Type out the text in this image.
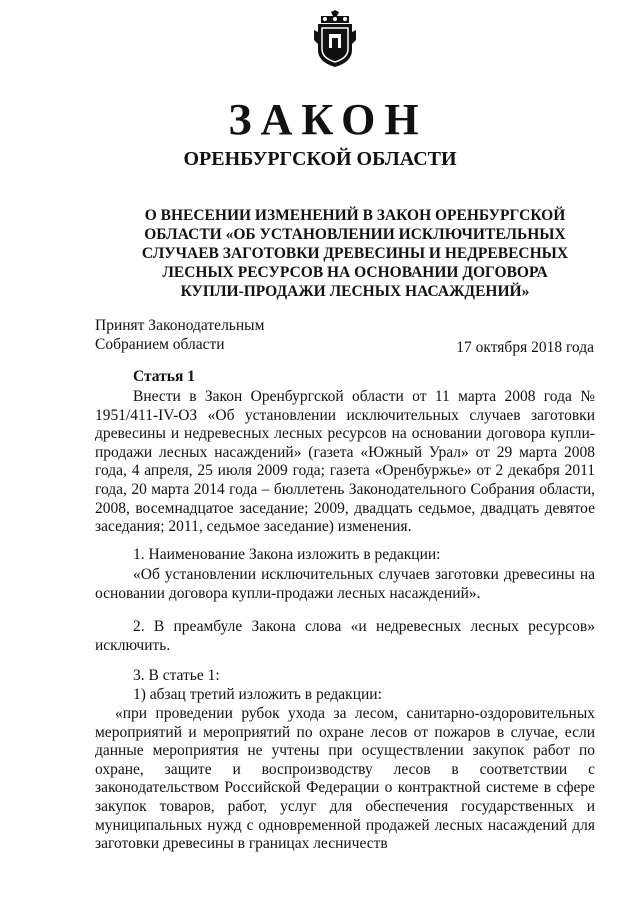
ЗАКОН
ОРЕНБУРГСКОЙ ОБЛАСТИ
О ВНЕСЕНИИ ИЗМЕНЕНИЙ В ЗАКОН ОРЕНБУРГСКОЙ ОБЛАСТИ «ОБ УСТАНОВЛЕНИИ ИСКЛЮЧИТЕЛЬНЫХ СЛУЧАЕВ ЗАГОТОВКИ ДРЕВЕСИНЫ И НЕДРЕВЕСНЫХ ЛЕСНЫХ РЕСУРСОВ НА ОСНОВАНИИ ДОГОВОРА КУПЛИ-ПРОДАЖИ ЛЕСНЫХ НАСАЖДЕНИЙ»
Принят Законодательным
Собранием области	17 октября 2018 года
Статья 1
Внести в Закон Оренбургской области от 11 марта 2008 года № 1951/411-IV-ОЗ «Об установлении исключительных случаев заготовки древесины и недревесных лесных ресурсов на основании договора купли-продажи лесных насаждений» (газета «Южный Урал» от 29 марта 2008 года, 4 апреля, 25 июля 2009 года; газета «Оренбуржье» от 2 декабря 2011 года, 20 марта 2014 года – бюллетень Законодательного Собрания области, 2008, восемнадцатое заседание; 2009, двадцать седьмое, двадцать девятое заседания; 2011, седьмое заседание) изменения.
1. Наименование Закона изложить в редакции:
«Об установлении исключительных случаев заготовки древесины на основании договора купли-продажи лесных насаждений».
2. В преамбуле Закона слова «и недревесных лесных ресурсов» исключить.
3. В статье 1:
1) абзац третий изложить в редакции:
«при проведении рубок ухода за лесом, санитарно-оздоровительных мероприятий и мероприятий по охране лесов от пожаров в случае, если данные мероприятия не учтены при осуществлении закупок работ по охране, защите и воспроизводству лесов в соответствии с законодательством Российской Федерации о контрактной системе в сфере закупок товаров, работ, услуг для обеспечения государственных и муниципальных нужд с одновременной продажей лесных насаждений для заготовки древесины в границах лесничеств
